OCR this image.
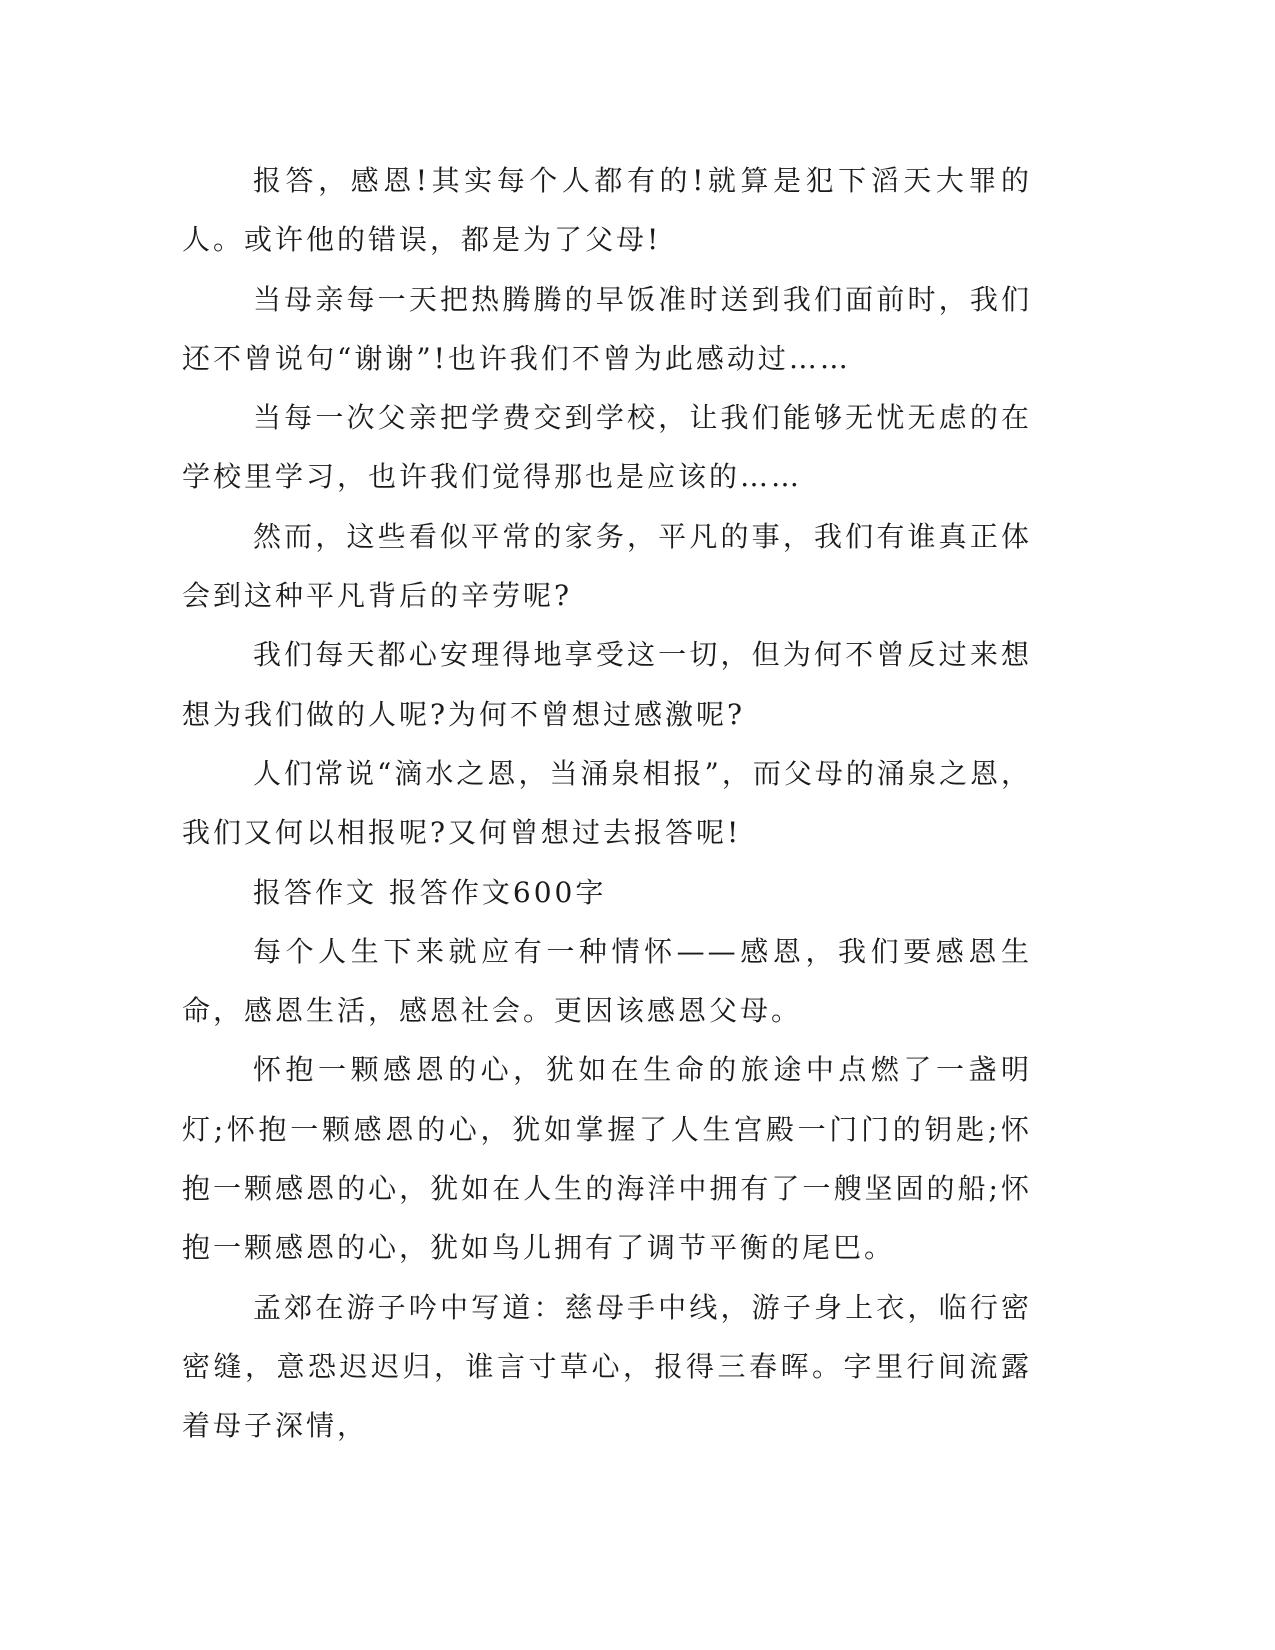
报答，感恩!其实每个人都有的!就算是犯下滔天大罪的人。或许他的错误，都是为了父母!

当母亲每一天把热腾腾的早饭准时送到我们面前时，我们还不曾说句“谢谢”!也许我们不曾为此感动过……

当每一次父亲把学费交到学校，让我们能够无忧无虑的在学校里学习，也许我们觉得那也是应该的……

然而，这些看似平常的家务，平凡的事，我们有谁真正体会到这种平凡背后的辛劳呢?

我们每天都心安理得地享受这一切，但为何不曾反过来想想为我们做的人呢?为何不曾想过感激呢?

人们常说“滴水之恩，当涌泉相报”，而父母的涌泉之恩，我们又何以相报呢?又何曾想过去报答呢!

报答作文 报答作文600字

每个人生下来就应有一种情怀——感恩，我们要感恩生命，感恩生活，感恩社会。更因该感恩父母。

怀抱一颗感恩的心，犹如在生命的旅途中点燃了一盏明灯;怀抱一颗感恩的心，犹如掌握了人生宫殿一门门的钥匙;怀抱一颗感恩的心，犹如在人生的海洋中拥有了一艘坚固的船;怀抱一颗感恩的心，犹如鸟儿拥有了调节平衡的尾巴。

孟郊在游子吟中写道：慈母手中线，游子身上衣，临行密密缝，意恐迟迟归，谁言寸草心，报得三春晖。字里行间流露着母子深情，
